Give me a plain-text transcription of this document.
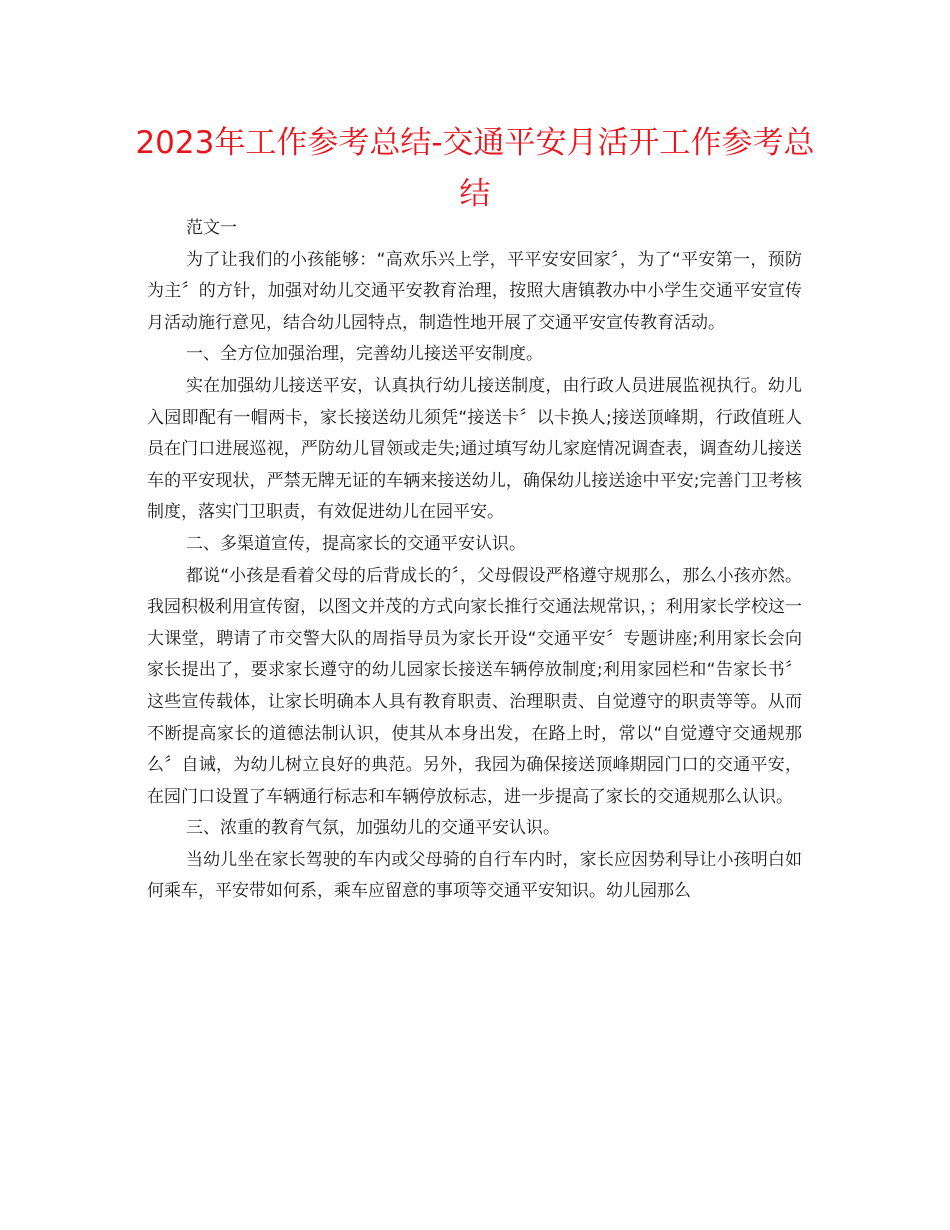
2023年工作参考总结-交通平安月活开工作参考总结

范文一

为了让我们的小孩能够：“高欢乐兴上学，平平安安回家〞，为了“平安第一，预防为主〞的方针，加强对幼儿交通平安教育治理，按照大唐镇教办中小学生交通平安宣传月活动施行意见，结合幼儿园特点，制造性地开展了交通平安宣传教育活动。

一、全方位加强治理，完善幼儿接送平安制度。

实在加强幼儿接送平安，认真执行幼儿接送制度，由行政人员进展监视执行。幼儿入园即配有一帽两卡，家长接送幼儿须凭“接送卡〞以卡换人;接送顶峰期，行政值班人员在门口进展巡视，严防幼儿冒领或走失;通过填写幼儿家庭情况调查表，调查幼儿接送车的平安现状，严禁无牌无证的车辆来接送幼儿，确保幼儿接送途中平安;完善门卫考核制度，落实门卫职责，有效促进幼儿在园平安。

二、多渠道宣传，提高家长的交通平安认识。

都说“小孩是看着父母的后背成长的〞，父母假设严格遵守规那么，那么小孩亦然。我园积极利用宣传窗，以图文并茂的方式向家长推行交通法规常识，；利用家长学校这一大课堂，聘请了市交警大队的周指导员为家长开设“交通平安〞专题讲座;利用家长会向家长提出了，要求家长遵守的幼儿园家长接送车辆停放制度;利用家园栏和“告家长书〞这些宣传载体，让家长明确本人具有教育职责、治理职责、自觉遵守的职责等等。从而不断提高家长的道德法制认识，使其从本身出发，在路上时，常以“自觉遵守交通规那么〞自诫，为幼儿树立良好的典范。另外，我园为确保接送顶峰期园门口的交通平安，在园门口设置了车辆通行标志和车辆停放标志，进一步提高了家长的交通规那么认识。

三、浓重的教育气氛，加强幼儿的交通平安认识。

当幼儿坐在家长驾驶的车内或父母骑的自行车内时，家长应因势利导让小孩明白如何乘车，平安带如何系，乘车应留意的事项等交通平安知识。幼儿园那么
